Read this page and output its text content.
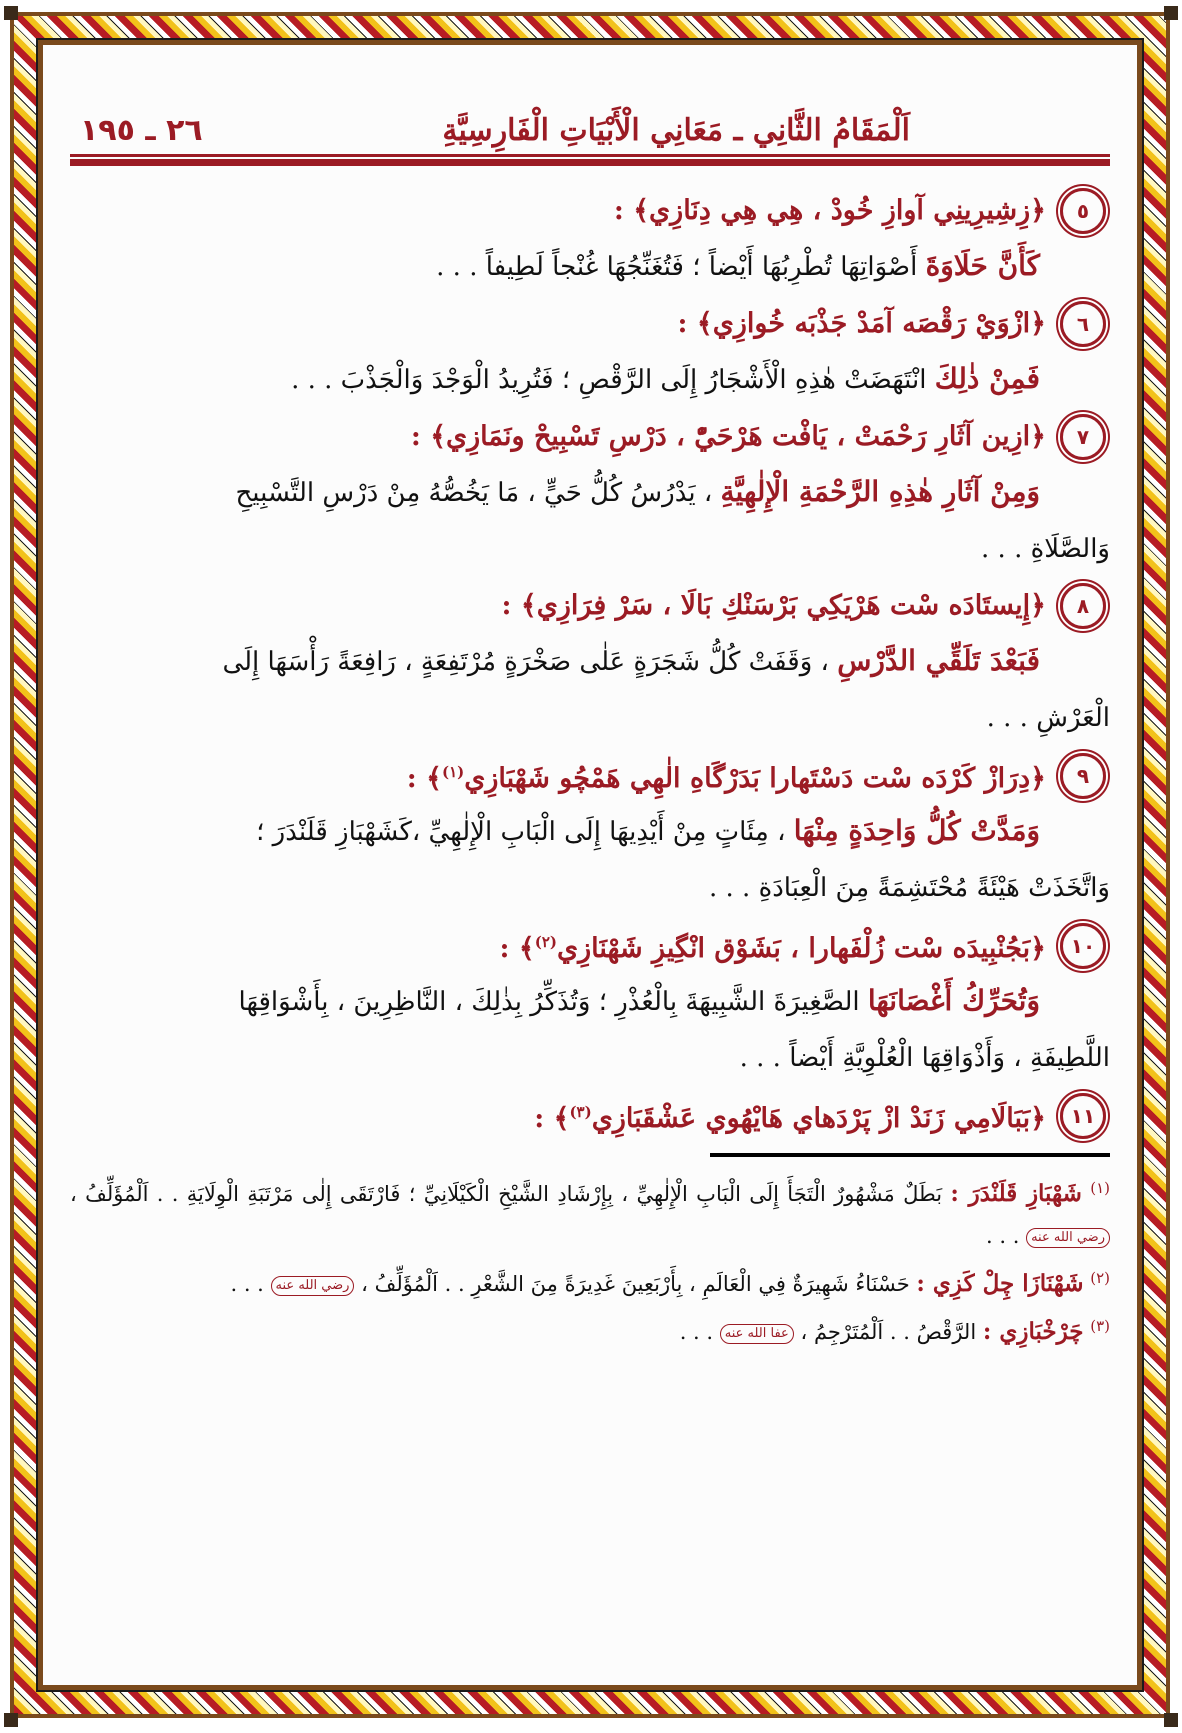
اَلْمَقَامُ الثَّانِي ـ مَعَانِي الْأَبْيَاتِ الْفَارِسِيَّةِ
٢٦ ـ ١٩٥
٥
﴿زِشِيرِينِي آوازِ خُودْ ، هِي هِي دِنَازِي﴾ :
كَأَنَّ حَلَاوَةَ أَصْوَاتِهَا تُطْرِبُهَا أَيْضاً ؛ فَتُغَنِّجُهَا غُنْجاً لَطِيفاً . . .
٦
﴿ازْوَيْ رَقْصَه آمَدْ جَذْبَه خُوازِي﴾ :
فَمِنْ ذٰلِكَ انْتَهَضَتْ هٰذِهِ الْأَشْجَارُ إِلَى الرَّقْصِ ؛ فَتُرِيدُ الْوَجْدَ وَالْجَذْبَ . . .
٧
﴿ازِين آثَارِ رَحْمَتْ ، يَافْت هَرْحَيّْ ، دَرْسِ تَسْبِيحْ ونَمَازِي﴾ :
وَمِنْ آثَارِ هٰذِهِ الرَّحْمَةِ الْإِلٰهِيَّةِ ، يَدْرُسُ كُلُّ حَيٍّ ، مَا يَخُصُّهُ مِنْ دَرْسِ التَّسْبِيحِ
وَالصَّلَاةِ . . .
٨
﴿إِيستَادَه سْت هَرْيَكِي بَرْسَنْكِ بَالَا ، سَرْ فِرَازِي﴾ :
فَبَعْدَ تَلَقِّي الدَّرْسِ ، وَقَفَتْ كُلُّ شَجَرَةٍ عَلٰى صَخْرَةٍ مُرْتَفِعَةٍ ، رَافِعَةً رَأْسَهَا إِلَى
الْعَرْشِ . . .
٩
﴿دِرَازْ كَرْدَه سْت دَسْتَهارا بَدَرْگَاهِ الٰهِي هَمْچُو شَهْبَازِي$^{(١)}$﴾ :
وَمَدَّتْ كُلُّ وَاحِدَةٍ مِنْهَا ، مِئَاتٍ مِنْ أَيْدِيهَا إِلَى الْبَابِ الْإِلٰهِيِّ ،كَشَهْبَازِ قَلَنْدَرَ ؛
وَاتَّخَذَتْ هَيْئَةً مُحْتَشِمَةً مِنَ الْعِبَادَةِ . . .
١٠
﴿بَجُنْبِيدَه سْت زُلْفَهارا ، بَشَوْق انْگِيزِ شَهْنَازِي$^{(٢)}$﴾ :
وَتُحَرِّكُ أَغْصَانَهَا الصَّغِيرَةَ الشَّبِيهَةَ بِالْعُذْرِ ؛ وَتُذَكِّرُ بِذٰلِكَ ، النَّاظِرِينَ ، بِأَشْوَاقِهَا
اللَّطِيفَةِ ، وَأَذْوَاقِهَا الْعُلْوِيَّةِ أَيْضاً . . .
١١
﴿بَبَالَامِي زَنَدْ ازْ پَرْدَهاي هَايْهُوي عَشْقَبَازِي$^{(٣)}$﴾ :
$^{(١)}$ شَهْبَازِ قَلَنْدَرَ : بَطَلٌ مَشْهُورٌ الْتَجَأَ إِلَى الْبَابِ الْإِلٰهِيِّ ، بِإِرْشَادِ الشَّيْخِ الْكَيْلَانِيِّ ؛ فَارْتَقَى إِلٰى مَرْتَبَةِ الْوِلَايَةِ . . اَلْمُؤَلِّفُ ، رضي الله عنه . . .
$^{(٢)}$ شَهْنَازَا چِلْ كَزِي : حَسْنَاءُ شَهِيرَةٌ فِي الْعَالَمِ ، بِأَرْبَعِينَ غَدِيرَةً مِنَ الشَّعْرِ . . اَلْمُؤَلِّفُ ، رضي الله عنه . . .
$^{(٣)}$ چَرْخْبَازِي : الرَّقْصُ . . اَلْمُتَرْجِمُ ، عفا الله عنه . . .
